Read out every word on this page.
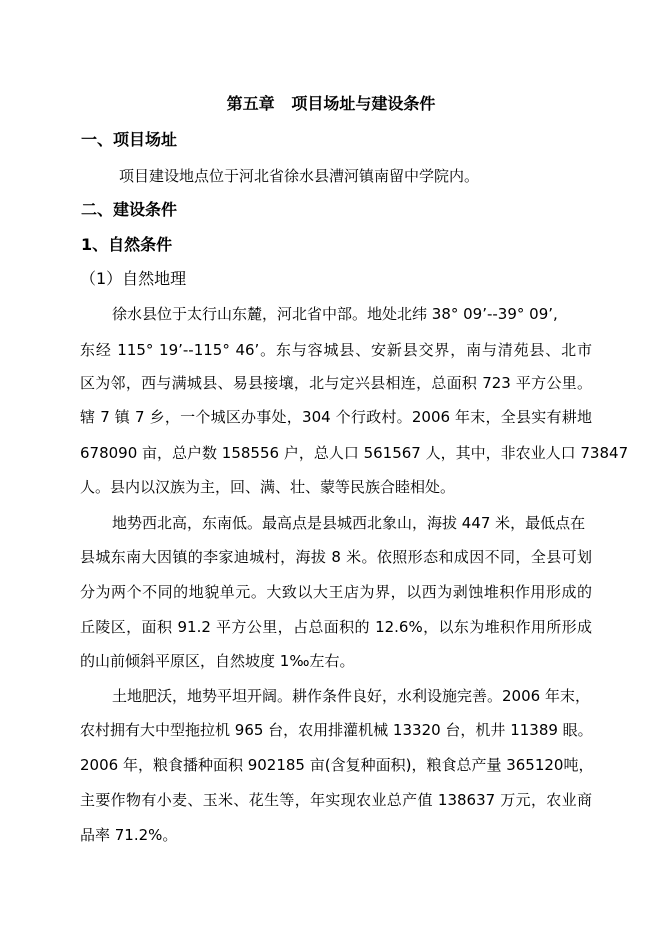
第五章   项目场址与建设条件
一、项目场址
项目建设地点位于河北省徐水县漕河镇南留中学院内。
二、建设条件
1、自然条件
（1）自然地理
徐水县位于太行山东麓，河北省中部。地处北纬 38° 09’--39° 09’,
东经 115° 19’--115° 46’。东与容城县、安新县交界，南与清苑县、北市
区为邻，西与满城县、易县接壤，北与定兴县相连，总面积 723 平方公里。
辖 7 镇 7 乡，一个城区办事处，304 个行政村。2006 年末，全县实有耕地
678090 亩，总户数 158556 户，总人口 561567 人，其中，非农业人口 73847
人。县内以汉族为主，回、满、壮、蒙等民族合睦相处。
地势西北高，东南低。最高点是县城西北象山，海拔 447 米，最低点在
县城东南大因镇的李家迪城村，海拔 8 米。依照形态和成因不同，全县可划
分为两个不同的地貌单元。大致以大王店为界，以西为剥蚀堆积作用形成的
丘陵区，面积 91.2 平方公里，占总面积的 12.6%，以东为堆积作用所形成
的山前倾斜平原区，自然坡度 1‰左右。
土地肥沃，地势平坦开阔。耕作条件良好，水利设施完善。2006 年末，
农村拥有大中型拖拉机 965 台，农用排灌机械 13320 台，机井 11389 眼。
2006 年，粮食播种面积 902185 亩(含复种面积)，粮食总产量 365120吨，
主要作物有小麦、玉米、花生等，年实现农业总产值 138637 万元，农业商
品率 71.2%。
